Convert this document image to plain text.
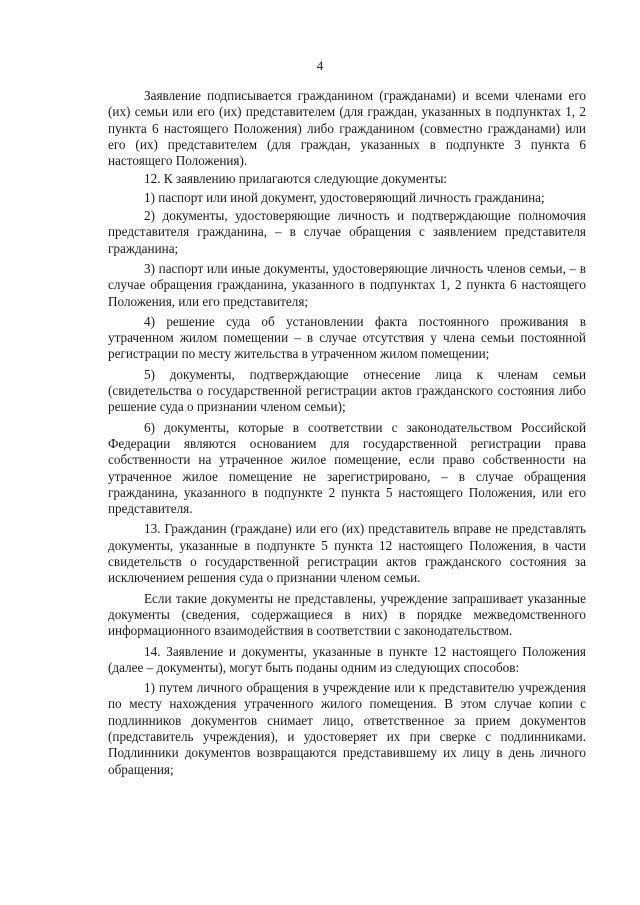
4

Заявление подписывается гражданином (гражданами) и всеми членами его (их) семьи или его (их) представителем (для граждан, указанных в подпунктах 1, 2 пункта 6 настоящего Положения) либо гражданином (совместно гражданами) или его (их) представителем (для граждан, указанных в подпункте 3 пункта 6 настоящего Положения).

12. К заявлению прилагаются следующие документы:

1) паспорт или иной документ, удостоверяющий личность гражданина;

2) документы, удостоверяющие личность и подтверждающие полномочия представителя гражданина, – в случае обращения с заявлением представителя гражданина;

3) паспорт или иные документы, удостоверяющие личность членов семьи, – в случае обращения гражданина, указанного в подпунктах 1, 2 пункта 6 настоящего Положения, или его представителя;

4) решение суда об установлении факта постоянного проживания в утраченном жилом помещении – в случае отсутствия у члена семьи постоянной регистрации по месту жительства в утраченном жилом помещении;

5) документы, подтверждающие отнесение лица к членам семьи (свидетельства о государственной регистрации актов гражданского состояния либо решение суда о признании членом семьи);

6) документы, которые в соответствии с законодательством Российской Федерации являются основанием для государственной регистрации права собственности на утраченное жилое помещение, если право собственности на утраченное жилое помещение не зарегистрировано, – в случае обращения гражданина, указанного в подпункте 2 пункта 5 настоящего Положения, или его представителя.

13. Гражданин (граждане) или его (их) представитель вправе не представлять документы, указанные в подпункте 5 пункта 12 настоящего Положения, в части свидетельств о государственной регистрации актов гражданского состояния за исключением решения суда о признании членом семьи.

Если такие документы не представлены, учреждение запрашивает указанные документы (сведения, содержащиеся в них) в порядке межведомственного информационного взаимодействия в соответствии с законодательством.

14. Заявление и документы, указанные в пункте 12 настоящего Положения (далее – документы), могут быть поданы одним из следующих способов:

1) путем личного обращения в учреждение или к представителю учреждения по месту нахождения утраченного жилого помещения. В этом случае копии с подлинников документов снимает лицо, ответственное за прием документов (представитель учреждения), и удостоверяет их при сверке с подлинниками. Подлинники документов возвращаются представившему их лицу в день личного обращения;
